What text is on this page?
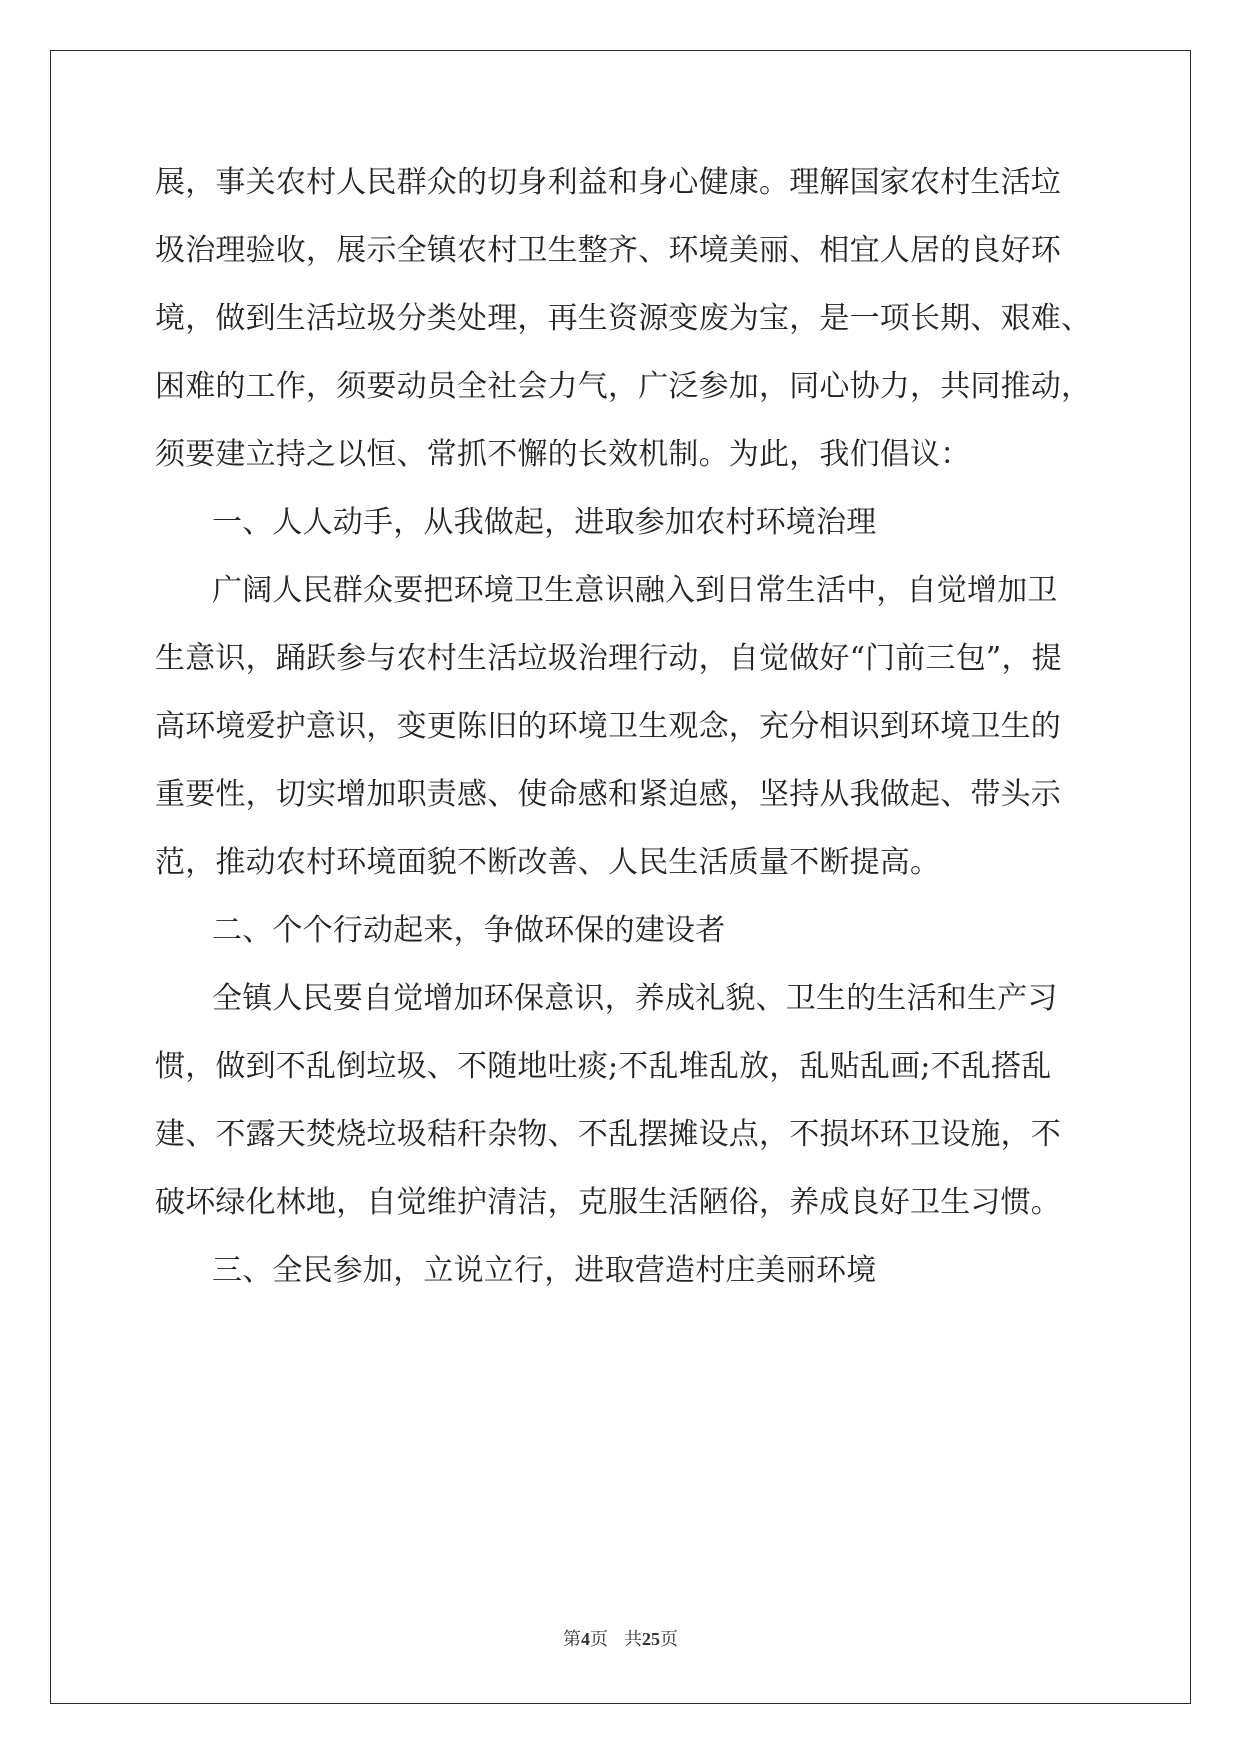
展，事关农村人民群众的切身利益和身心健康。理解国家农村生活垃
圾治理验收，展示全镇农村卫生整齐、环境美丽、相宜人居的良好环
境，做到生活垃圾分类处理，再生资源变废为宝，是一项长期、艰难、
困难的工作，须要动员全社会力气，广泛参加，同心协力，共同推动，
须要建立持之以恒、常抓不懈的长效机制。为此，我们倡议：
一、人人动手，从我做起，进取参加农村环境治理
广阔人民群众要把环境卫生意识融入到日常生活中，自觉增加卫
生意识，踊跃参与农村生活垃圾治理行动，自觉做好“门前三包”，提
高环境爱护意识，变更陈旧的环境卫生观念，充分相识到环境卫生的
重要性，切实增加职责感、使命感和紧迫感，坚持从我做起、带头示
范，推动农村环境面貌不断改善、人民生活质量不断提高。
二、个个行动起来，争做环保的建设者
全镇人民要自觉增加环保意识，养成礼貌、卫生的生活和生产习
惯，做到不乱倒垃圾、不随地吐痰;不乱堆乱放，乱贴乱画;不乱搭乱
建、不露天焚烧垃圾秸秆杂物、不乱摆摊设点，不损坏环卫设施，不
破坏绿化林地，自觉维护清洁，克服生活陋俗，养成良好卫生习惯。
三、全民参加，立说立行，进取营造村庄美丽环境
第4页 共25页
